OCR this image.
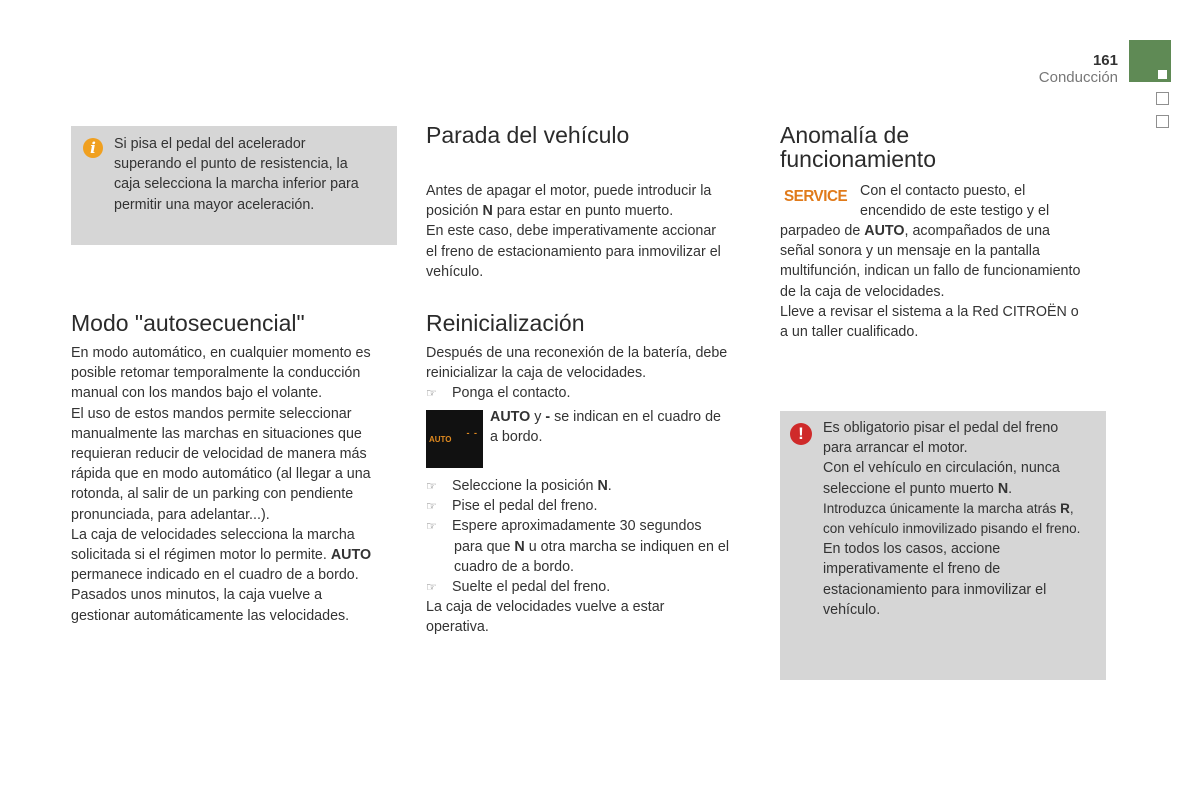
161
Conducción
i	Si pisa el pedal del acelerador

superando el punto de resistencia, la

caja selecciona la marcha inferior para

permitir una mayor aceleración.

Modo "autosecuencial"

En modo automático, en cualquier momento es

posible retomar temporalmente la conducción

manual con los mandos bajo el volante.

El uso de estos mandos permite seleccionar

manualmente las marchas en situaciones que

requieran reducir de velocidad de manera más

rápida que en modo automático (al llegar a una

rotonda, al salir de un parking con pendiente

pronunciada, para adelantar...).

La caja de velocidades selecciona la marcha

solicitada si el régimen motor lo permite. AUTO

permanece indicado en el cuadro de a bordo.

Pasados unos minutos, la caja vuelve a

gestionar automáticamente las velocidades.

Parada del vehículo

Antes de apagar el motor, puede introducir la

posición N para estar en punto muerto.

En este caso, debe imperativamente accionar

el freno de estacionamiento para inmovilizar el

vehículo.

Reinicialización

Después de una reconexión de la batería, debe

reinicializar la caja de velocidades.

☞ Ponga el contacto.

AUTO
- -

AUTO y - se indican en el cuadro de

a bordo.

☞ Seleccione la posición N.

☞ Pise el pedal del freno.

☞ Espere aproximadamente 30 segundos

para que N u otra marcha se indiquen en el

cuadro de a bordo.

☞ Suelte el pedal del freno.

La caja de velocidades vuelve a estar

operativa.

Anomalía de

funcionamiento

SERVICE Con el contacto puesto, el

encendido de este testigo y el

parpadeo de AUTO, acompañados de una

señal sonora y un mensaje en la pantalla

multifunción, indican un fallo de funcionamiento

de la caja de velocidades.

Lleve a revisar el sistema a la Red CITROËN o

a un taller cualificado.

!	Es obligatorio pisar el pedal del freno

para arrancar el motor.

Con el vehículo en circulación, nunca

seleccione el punto muerto N.

Introduzca únicamente la marcha atrás R,

con vehículo inmovilizado pisando el freno.

En todos los casos, accione

imperativamente el freno de

estacionamiento para inmovilizar el

vehículo.
